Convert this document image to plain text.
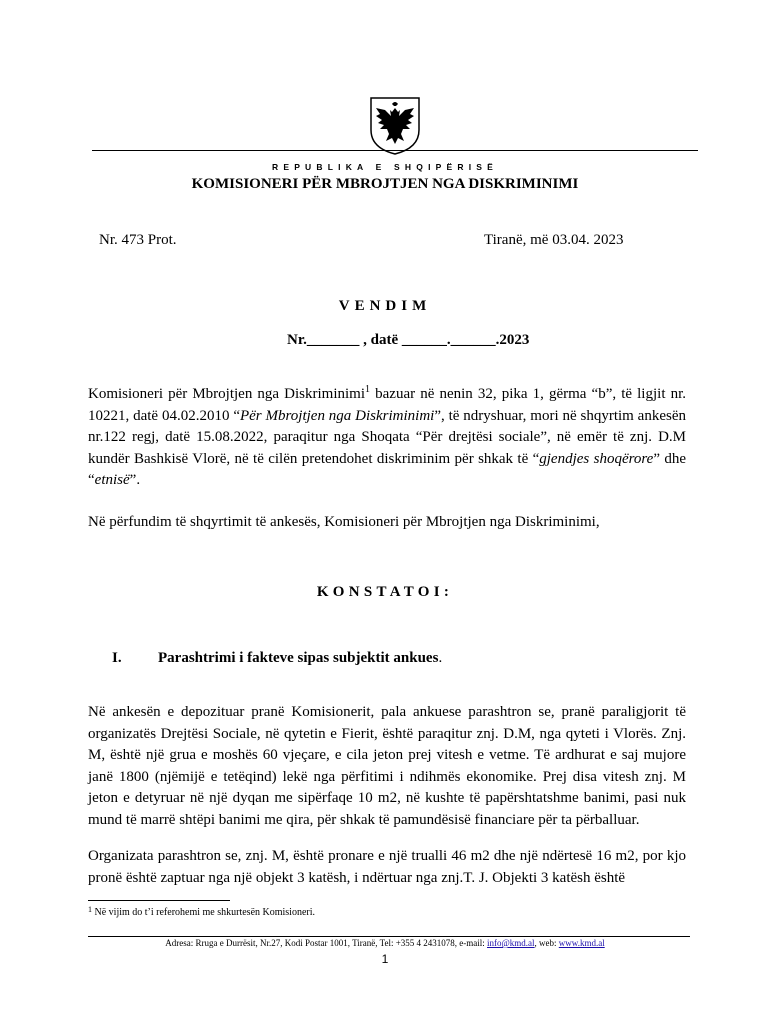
REPUBLIKA E SHQIPËRISË
KOMISIONERI PËR MBROJTJEN NGA DISKRIMINIMI
Nr. 473 Prot.	Tiranë, më 03.04. 2023
VENDIM
Nr._______ , datë ______.______.2023

Komisioneri për Mbrojtjen nga Diskriminimi$^1$ bazuar në nenin 32, pika 1, gërma “b”, të ligjit nr. 10221, datë 04.02.2010 “Për Mbrojtjen nga Diskriminimi”, të ndryshuar, mori në shqyrtim ankesën nr.122 regj, datë 15.08.2022, paraqitur nga Shoqata “Për drejtësi sociale”, në emër të znj. D.M kundër Bashkisë Vlorë, në të cilën pretendohet diskriminim për shkak të “gjendjes shoqërore” dhe “etnisë”.

Në përfundim të shqyrtimit të ankesës, Komisioneri për Mbrojtjen nga Diskriminimi,

KONSTATOI:
I. Parashtrimi i fakteve sipas subjektit ankues.

Në ankesën e depozituar pranë Komisionerit, pala ankuese parashtron se, pranë paraligjorit të organizatës Drejtësi Sociale, në qytetin e Fierit, është paraqitur znj. D.M, nga qyteti i Vlorës. Znj. M, është një grua e moshës 60 vjeçare, e cila jeton prej vitesh e vetme. Të ardhurat e saj mujore janë 1800 (njëmijë e tetëqind) lekë nga përfitimi i ndihmës ekonomike. Prej disa vitesh znj. M jeton e detyruar në një dyqan me sipërfaqe 10 m2, në kushte të papërshtatshme banimi, pasi nuk mund të marrë shtëpi banimi me qira, për shkak të pamundësisë financiare për ta përballuar.

Organizata parashtron se, znj. M, është pronare e një trualli 46 m2 dhe një ndërtesë 16 m2, por kjo pronë është zaptuar nga një objekt 3 katësh, i ndërtuar nga znj.T. J. Objekti 3 katësh është

$^1$ Në vijim do t’i referohemi me shkurtesën Komisioneri.
Adresa: Rruga e Durrësit, Nr.27, Kodi Postar 1001, Tiranë, Tel: +355 4 2431078, e-mail: info@kmd.al, web: www.kmd.al
1
